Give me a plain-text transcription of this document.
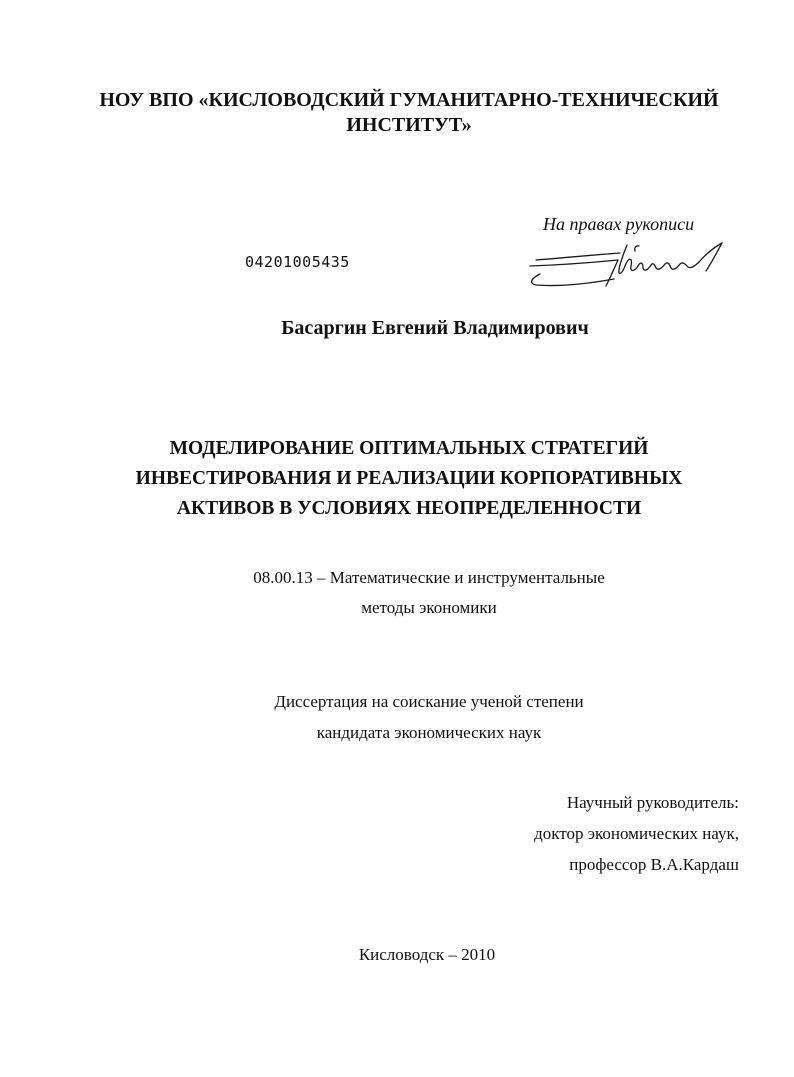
НОУ ВПО «КИСЛОВОДСКИЙ ГУМАНИТАРНО-ТЕХНИЧЕСКИЙ
ИНСТИТУТ»
На правах рукописи
04201005435
Басаргин Евгений Владимирович
МОДЕЛИРОВАНИЕ ОПТИМАЛЬНЫХ СТРАТЕГИЙ
ИНВЕСТИРОВАНИЯ И РЕАЛИЗАЦИИ КОРПОРАТИВНЫХ
АКТИВОВ В УСЛОВИЯХ НЕОПРЕДЕЛЕННОСТИ
08.00.13 – Математические и инструментальные
методы экономики
Диссертация на соискание ученой степени
кандидата экономических наук
Научный руководитель:
доктор экономических наук,
профессор В.А.Кардаш
Кисловодск – 2010
